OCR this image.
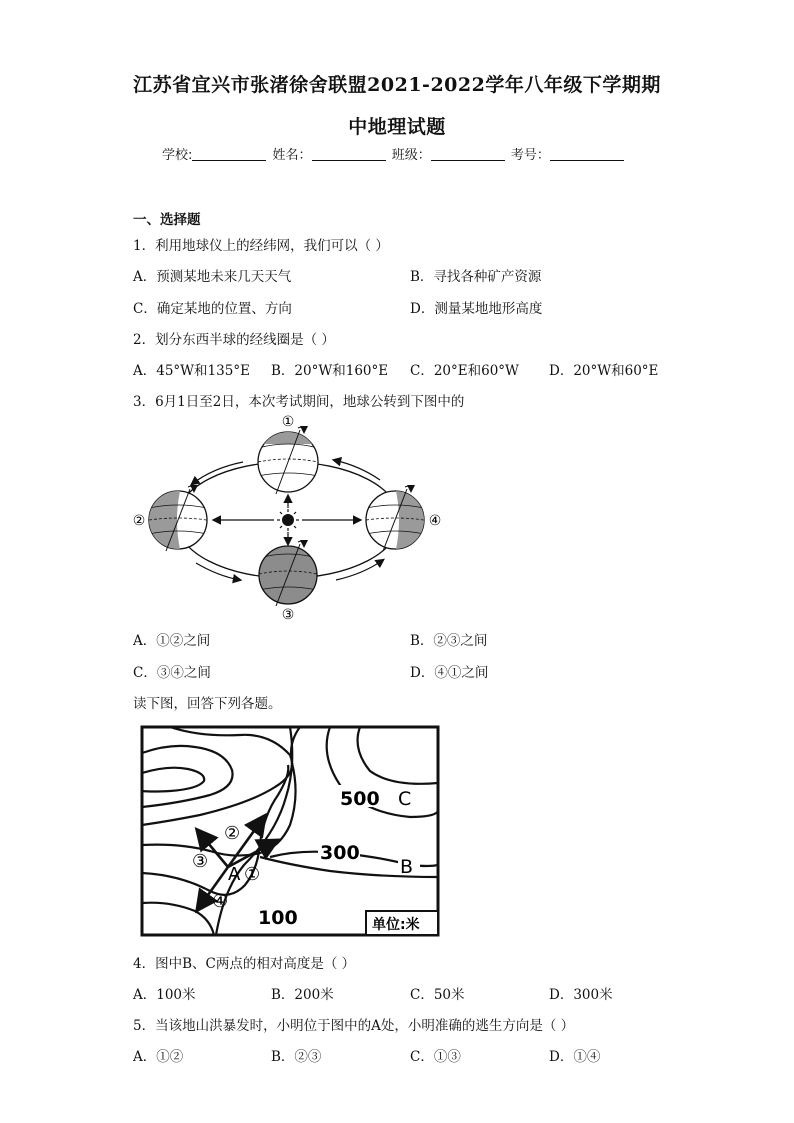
江苏省宜兴市张渚徐舍联盟2021-2022学年八年级下学期期
中地理试题
学校:	姓名：	班级：	考号：
一、选择题
1．利用地球仪上的经纬网，我们可以（ ）
A．预测某地未来几天天气	B．寻找各种矿产资源
C．确定某地的位置、方向	D．测量某地地形高度
2．划分东西半球的经线圈是（ ）
A．45°W和135°E B．20°W和160°E C．20°E和60°W D．20°W和60°E
3．6月1日至2日，本次考试期间，地球公转到下图中的
①
②
③
④
A．①②之间	B．②③之间
C．③④之间	D．④①之间
读下图，回答下列各题。
500 C
300
B
100
A ①
②
③
④
单位:米
4．图中B、C两点的相对高度是（ ）
A．100米	B．200米	C．50米	D．300米
5．当该地山洪暴发时，小明位于图中的A处，小明准确的逃生方向是（ ）
A．①②	B．②③	C．①③	D．①④
